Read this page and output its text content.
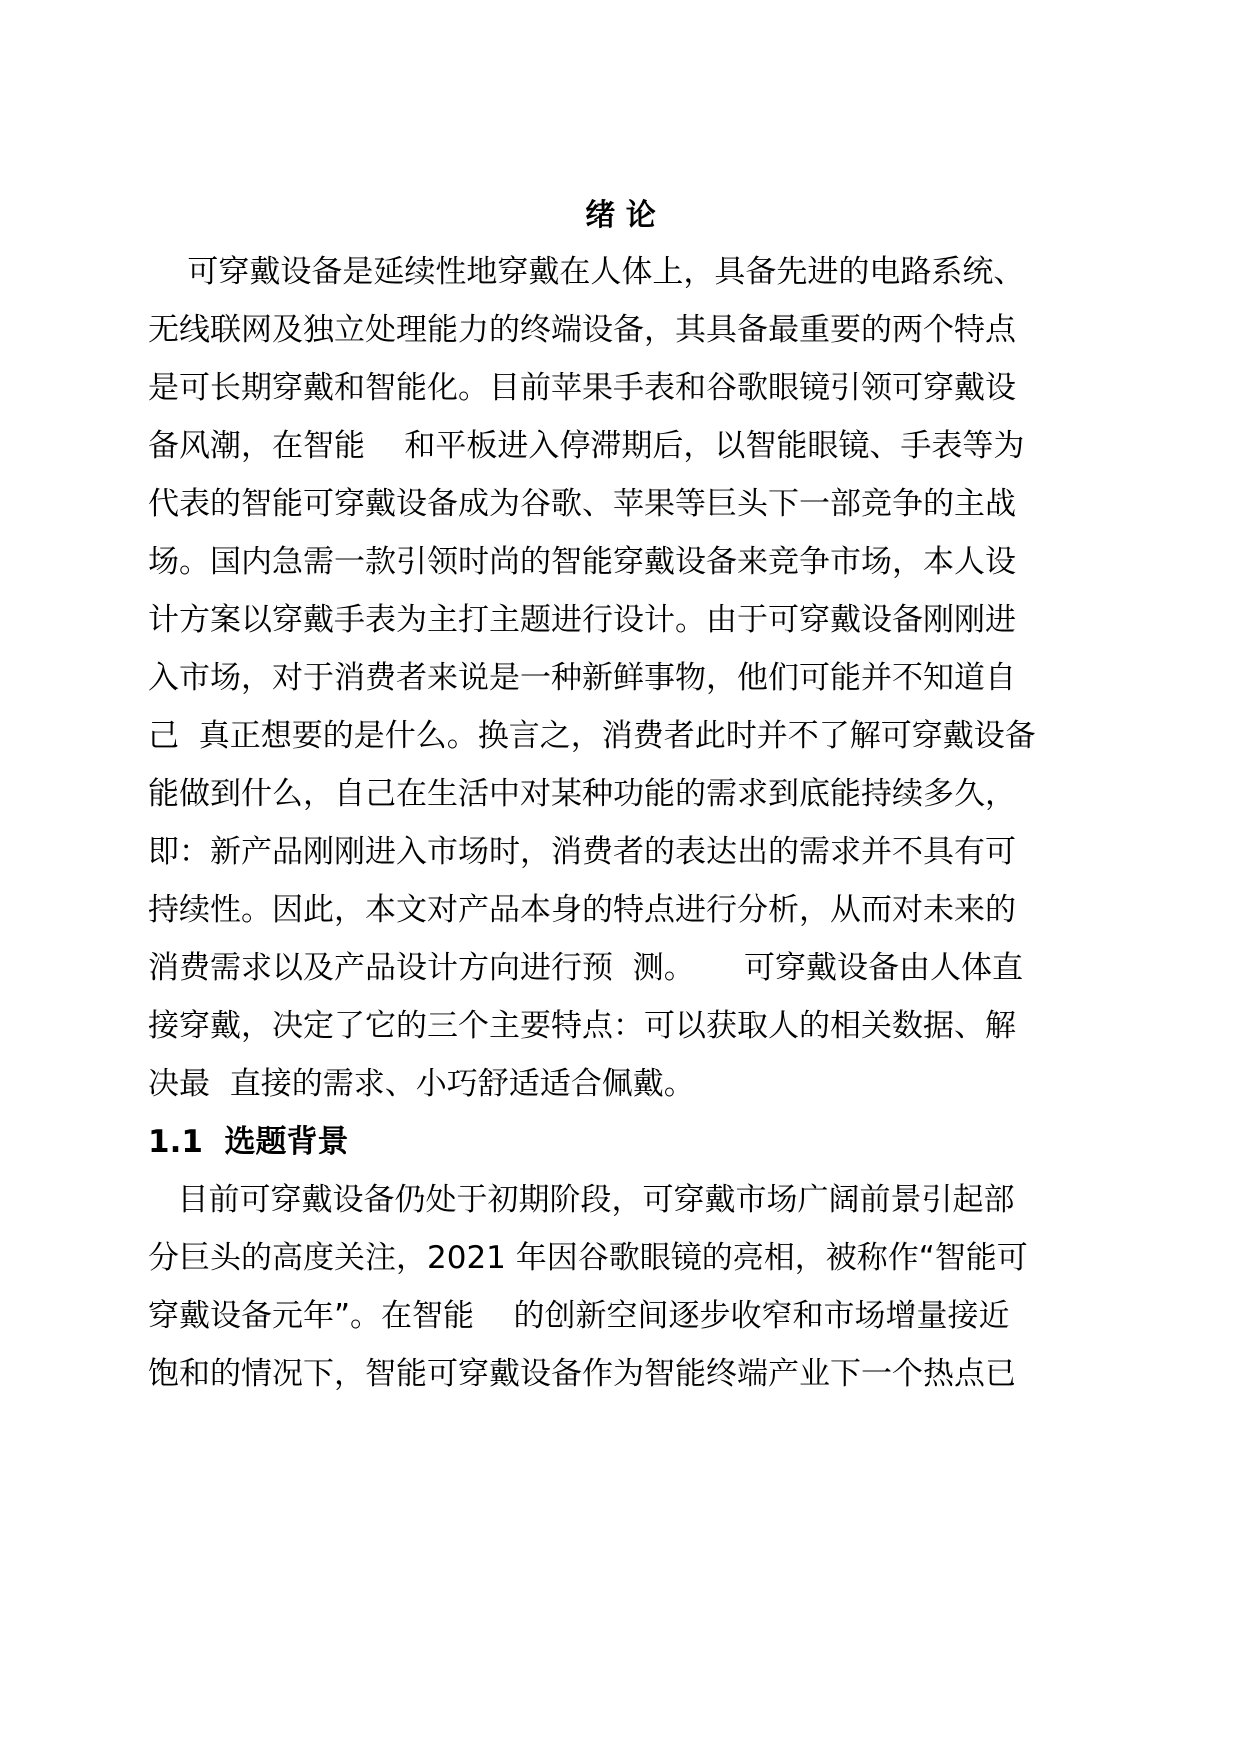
绪 论
可穿戴设备是延续性地穿戴在人体上，具备先进的电路系统、
无线联网及独立处理能力的终端设备，其具备最重要的两个特点
是可长期穿戴和智能化。目前苹果手表和谷歌眼镜引领可穿戴设
备风潮，在智能    和平板进入停滞期后，以智能眼镜、手表等为
代表的智能可穿戴设备成为谷歌、苹果等巨头下一部竞争的主战
场。国内急需一款引领时尚的智能穿戴设备来竞争市场，本人设
计方案以穿戴手表为主打主题进行设计。由于可穿戴设备刚刚进
入市场，对于消费者来说是一种新鲜事物，他们可能并不知道自
己  真正想要的是什么。换言之，消费者此时并不了解可穿戴设备
能做到什么，自己在生活中对某种功能的需求到底能持续多久，
即：新产品刚刚进入市场时，消费者的表达出的需求并不具有可
持续性。因此，本文对产品本身的特点进行分析，从而对未来的
消费需求以及产品设计方向进行预  测。     可穿戴设备由人体直
接穿戴，决定了它的三个主要特点：可以获取人的相关数据、解
决最  直接的需求、小巧舒适适合佩戴。
1.1  选题背景
目前可穿戴设备仍处于初期阶段，可穿戴市场广阔前景引起部
分巨头的高度关注，2021 年因谷歌眼镜的亮相，被称作“智能可
穿戴设备元年”。在智能    的创新空间逐步收窄和市场增量接近
饱和的情况下，智能可穿戴设备作为智能终端产业下一个热点已
